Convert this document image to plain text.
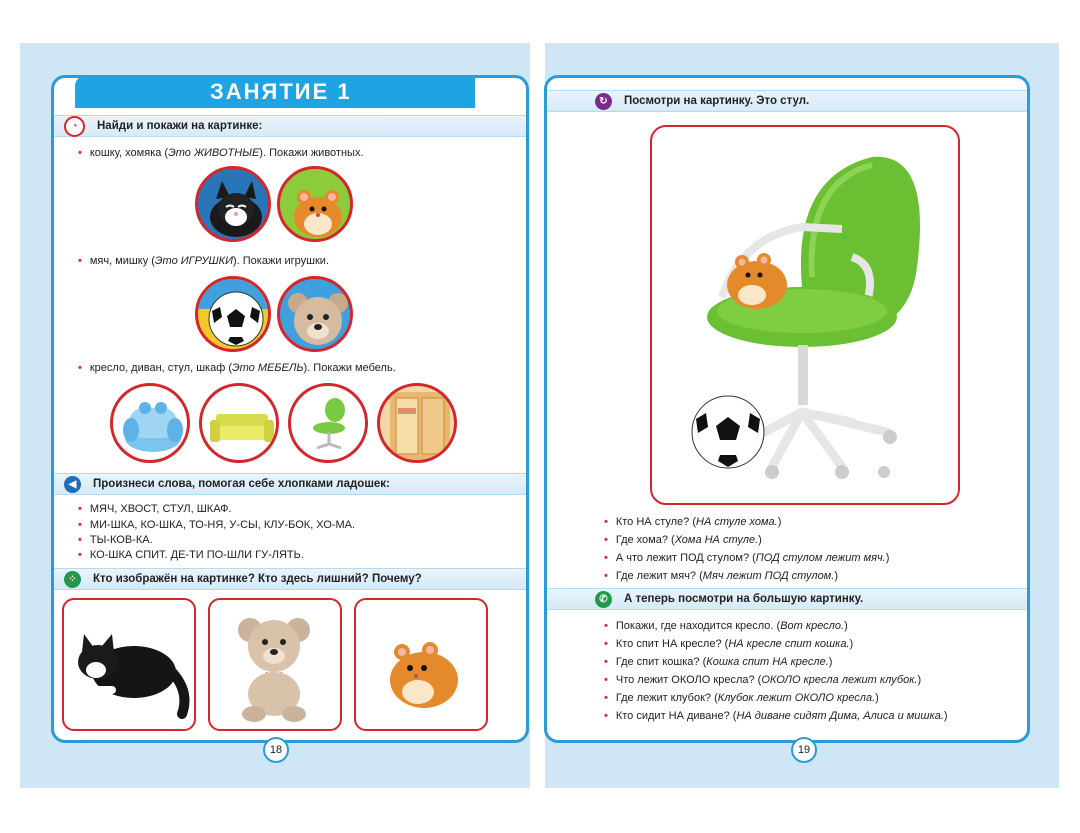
ЗАНЯТИЕ 1
◔	Найди и покажи на картинке:
• кошку, хомяка (Это ЖИВОТНЫЕ). Покажи животных.
• мяч, мишку (Это ИГРУШКИ). Покажи игрушки.
• кресло, диван, стул, шкаф (Это МЕБЕЛЬ). Покажи мебель.
◀	Произнеси слова, помогая себе хлопками ладошек:
• МЯЧ, ХВОСТ, СТУЛ, ШКАФ.
• МИ-ШКА, КО-ШКА, ТО-НЯ, У-СЫ, КЛУ-БОК, ХО-МА.
• ТЫ-КОВ-КА.
• КО-ШКА СПИТ. ДЕ-ТИ ПО-ШЛИ ГУ-ЛЯТЬ.
⁘	Кто изображён на картинке? Кто здесь лишний? Почему?
18
↻	Посмотри на картинку. Это стул.
• Кто НА стуле? (НА стуле хома.)
• Где хома? (Хома НА стуле.)
• А что лежит ПОД стулом? (ПОД стулом лежит мяч.)
• Где лежит мяч? (Мяч лежит ПОД стулом.)
✆	А теперь посмотри на большую картинку.
• Покажи, где находится кресло. (Вот кресло.)
• Кто спит НА кресле? (НА кресле спит кошка.)
• Где спит кошка? (Кошка спит НА кресле.)
• Что лежит ОКОЛО кресла? (ОКОЛО кресла лежит клубок.)
• Где лежит клубок? (Клубок лежит ОКОЛО кресла.)
• Кто сидит НА диване? (НА диване сидят Дима, Алиса и мишка.)
19
